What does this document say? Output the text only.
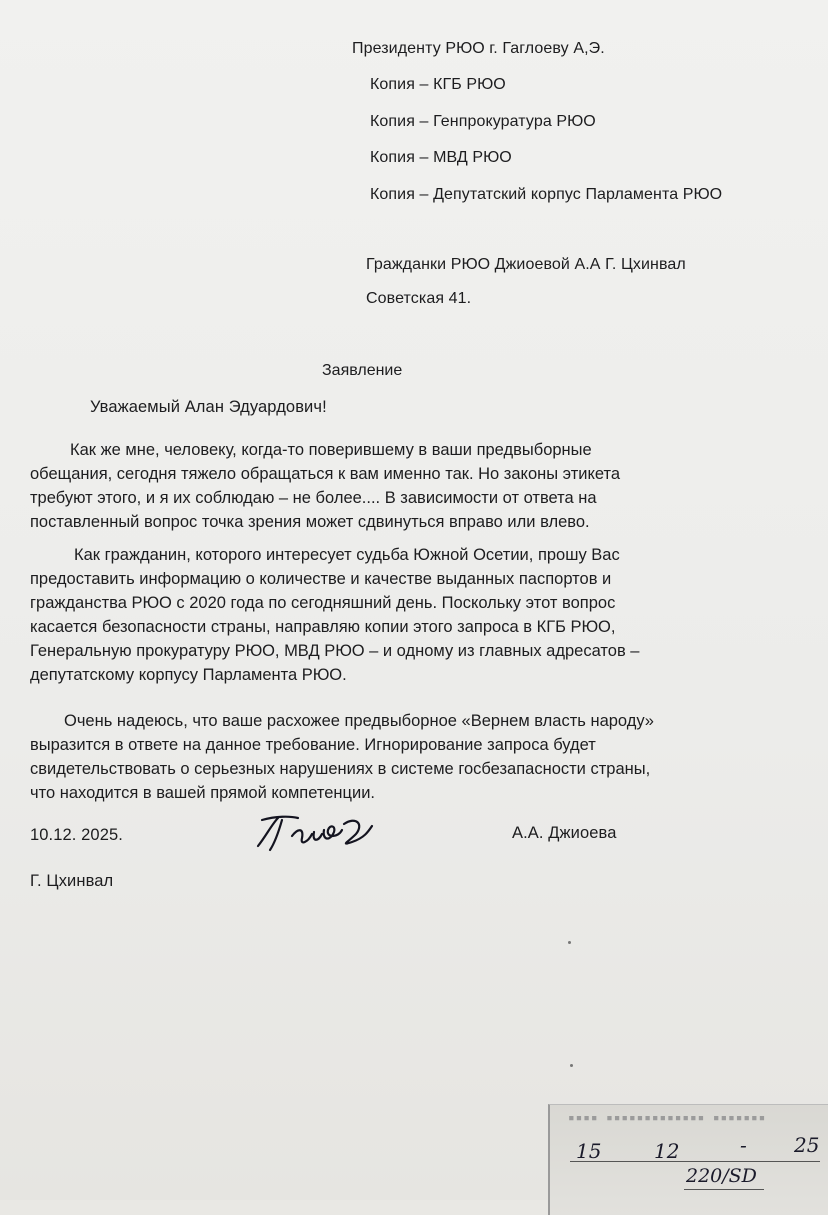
Президенту РЮО г. Гаглоеву А,Э.
Копия – КГБ РЮО
Копия – Генпрокуратура РЮО
Копия – МВД РЮО
Копия – Депутатский корпус Парламента РЮО
Гражданки РЮО Джиоевой А.А Г. Цхинвал
Советская 41.
Заявление
Уважаемый Алан Эдуардович!
Как же мне, человеку, когда-то поверившему в ваши предвыборные
обещания, сегодня тяжело обращаться к вам именно так. Но законы этикета
требуют этого, и я их соблюдаю – не более.... В зависимости от ответа на
поставленный вопрос точка зрения может сдвинуться вправо или влево.
Как гражданин, которого интересует судьба Южной Осетии, прошу Вас
предоставить информацию о количестве и качестве выданных паспортов и
гражданства РЮО с 2020 года по сегодняшний день. Поскольку этот вопрос
касается безопасности страны, направляю копии этого запроса в КГБ РЮО,
Генеральную прокуратуру РЮО, МВД РЮО – и одному из главных адресатов –
депутатскому корпусу Парламента РЮО.
Очень надеюсь, что ваше расхожее предвыборное «Вернем власть народу»
выразится в ответе на данное требование. Игнорирование запроса будет
свидетельствовать о серьезных нарушениях в системе госбезапасности страны,
что находится в вашей прямой компетенции.
10.12. 2025.	А.А. Джиоева
Г. Цхинвал
▪▪▪▪ ▪▪▪▪▪▪▪▪▪▪▪▪▪ ▪▪▪▪▪▪▪
15	12	- 25
220/SD
